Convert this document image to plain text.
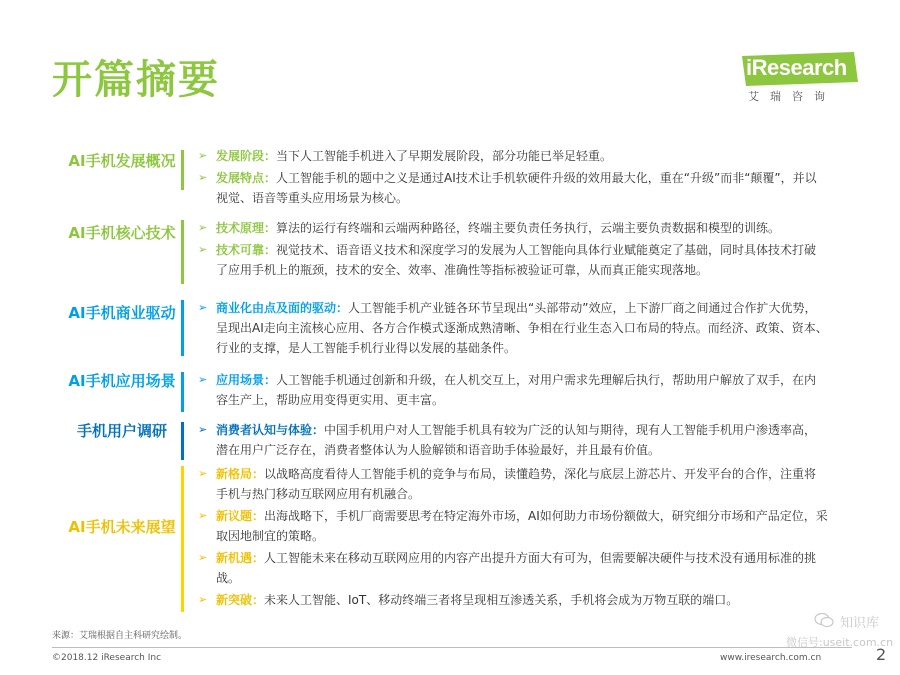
开篇摘要	iResearch
艾瑞咨询
AI手机发展概况	➢ 发展阶段：当下人工智能手机进入了早期发展阶段，部分功能已举足轻重。
➢ 发展特点：人工智能手机的题中之义是通过AI技术让手机软硬件升级的效用最大化，重在“升级”而非“颠覆”，并以视觉、语音等重头应用场景为核心。
AI手机核心技术	➢ 技术原理：算法的运行有终端和云端两种路径，终端主要负责任务执行，云端主要负责数据和模型的训练。
➢ 技术可靠：视觉技术、语音语义技术和深度学习的发展为人工智能向具体行业赋能奠定了基础，同时具体技术打破了应用手机上的瓶颈，技术的安全、效率、准确性等指标被验证可靠，从而真正能实现落地。
AI手机商业驱动	➢ 商业化由点及面的驱动：人工智能手机产业链各环节呈现出“头部带动”效应，上下游厂商之间通过合作扩大优势，呈现出AI走向主流核心应用、各方合作模式逐渐成熟清晰、争相在行业生态入口布局的特点。而经济、政策、资本、行业的支撑，是人工智能手机行业得以发展的基础条件。
AI手机应用场景	➢ 应用场景：人工智能手机通过创新和升级，在人机交互上，对用户需求先理解后执行，帮助用户解放了双手，在内容生产上，帮助应用变得更实用、更丰富。
手机用户调研	➢ 消费者认知与体验：中国手机用户对人工智能手机具有较为广泛的认知与期待，现有人工智能手机用户渗透率高，潜在用户广泛存在，消费者整体认为人脸解锁和语音助手体验最好，并且最有价值。
AI手机未来展望
➢ 新格局：以战略高度看待人工智能手机的竞争与布局，读懂趋势，深化与底层上游芯片、开发平台的合作，注重将手机与热门移动互联网应用有机融合。
➢ 新议题：出海战略下，手机厂商需要思考在特定海外市场，AI如何助力市场份额做大，研究细分市场和产品定位，采取因地制宜的策略。
➢ 新机遇：人工智能未来在移动互联网应用的内容产出提升方面大有可为，但需要解决硬件与技术没有通用标准的挑战。
➢ 新突破：未来人工智能、IoT、移动终端三者将呈现相互渗透关系，手机将会成为万物互联的端口。
来源：艾瑞根据自主科研究绘制。
©2018.12 iResearch Inc	www.iresearch.com.cn	2
知识库
微信号:useit.com.cn
